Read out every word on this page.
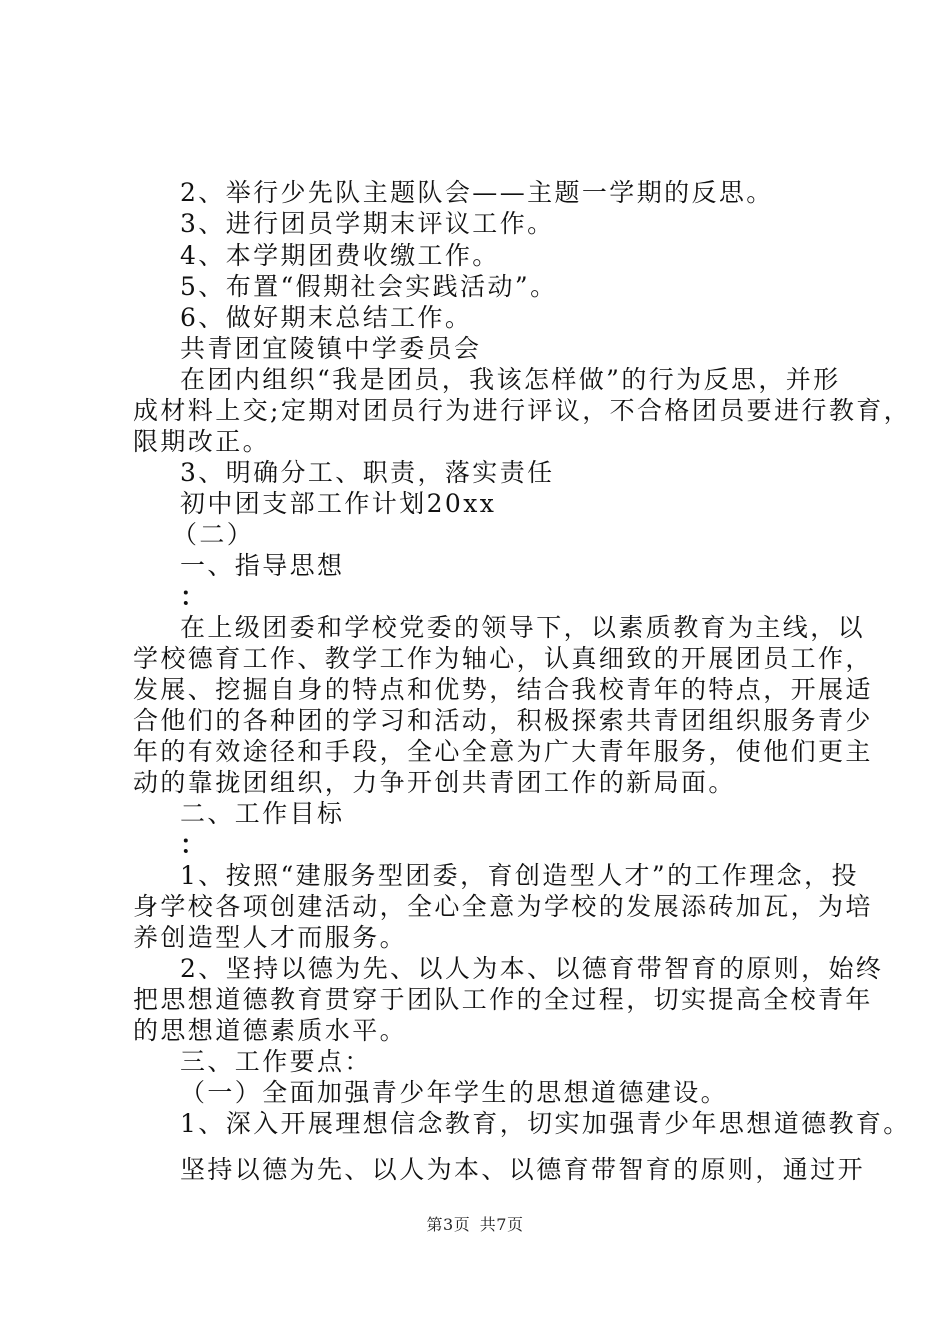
2、举行少先队主题队会——主题一学期的反思。
3、进行团员学期末评议工作。
4、本学期团费收缴工作。
5、布置“假期社会实践活动”。
6、做好期末总结工作。
共青团宜陵镇中学委员会
在团内组织“我是团员，我该怎样做”的行为反思，并形
成材料上交;定期对团员行为进行评议，不合格团员要进行教育，
限期改正。
3、明确分工、职责，落实责任
初中团支部工作计划20xx
（二）
一、指导思想
：
在上级团委和学校党委的领导下，以素质教育为主线，以
学校德育工作、教学工作为轴心，认真细致的开展团员工作，
发展、挖掘自身的特点和优势，结合我校青年的特点，开展适
合他们的各种团的学习和活动，积极探索共青团组织服务青少
年的有效途径和手段，全心全意为广大青年服务，使他们更主
动的靠拢团组织，力争开创共青团工作的新局面。
二、工作目标
：
1、按照“建服务型团委，育创造型人才”的工作理念，投
身学校各项创建活动，全心全意为学校的发展添砖加瓦，为培
养创造型人才而服务。
2、坚持以德为先、以人为本、以德育带智育的原则，始终
把思想道德教育贯穿于团队工作的全过程，切实提高全校青年
的思想道德素质水平。
三、工作要点：
（一）全面加强青少年学生的思想道德建设。
1、深入开展理想信念教育，切实加强青少年思想道德教育。
坚持以德为先、以人为本、以德育带智育的原则，通过开
第3页 共7页
